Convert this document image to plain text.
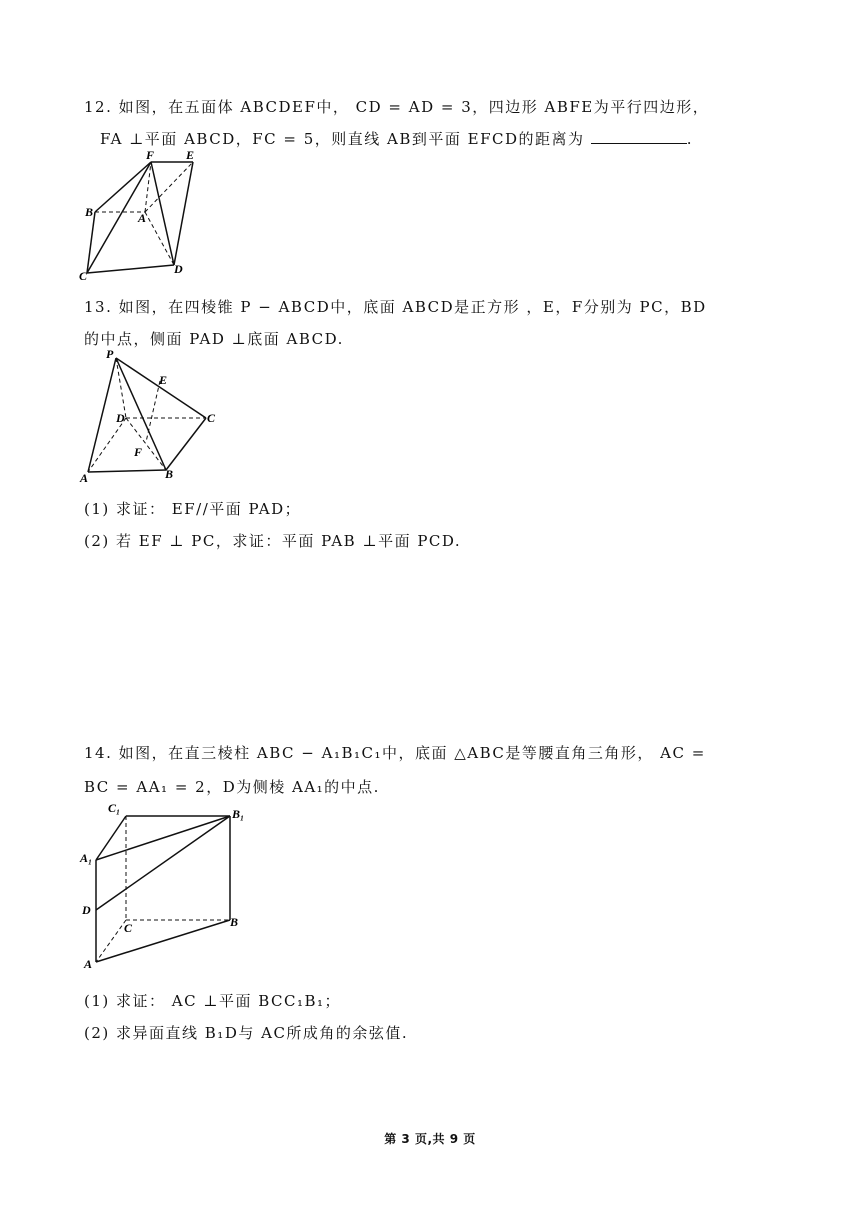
12. 如图，在五面体 ABCDEF中， CD = AD = 3，四边形 ABFE为平行四边形，
FA ⊥平面 ABCD，FC = 5，则直线 AB到平面 EFCD的距离为	.
F	E
B	A
C	D
13. 如图，在四棱锥 P − ABCD中，底面 ABCD是正方形 ，E，F分别为 PC，BD
的中点，侧面 PAD ⊥底面 ABCD.
P
E
D	C
F
A	B
(1) 求证： EF//平面 PAD；
(2) 若 EF ⊥ PC，求证：平面 PAB ⊥平面 PCD.
14. 如图，在直三棱柱 ABC − A₁B₁C₁中，底面 △ABC是等腰直角三角形， AC =
BC = AA₁ = 2，D为侧棱 AA₁的中点.
C₁	B₁
A₁
D
C	B
A
(1) 求证： AC ⊥平面 BCC₁B₁；
(2) 求异面直线 B₁D与 AC所成角的余弦值.
第 3 页,共 9 页
